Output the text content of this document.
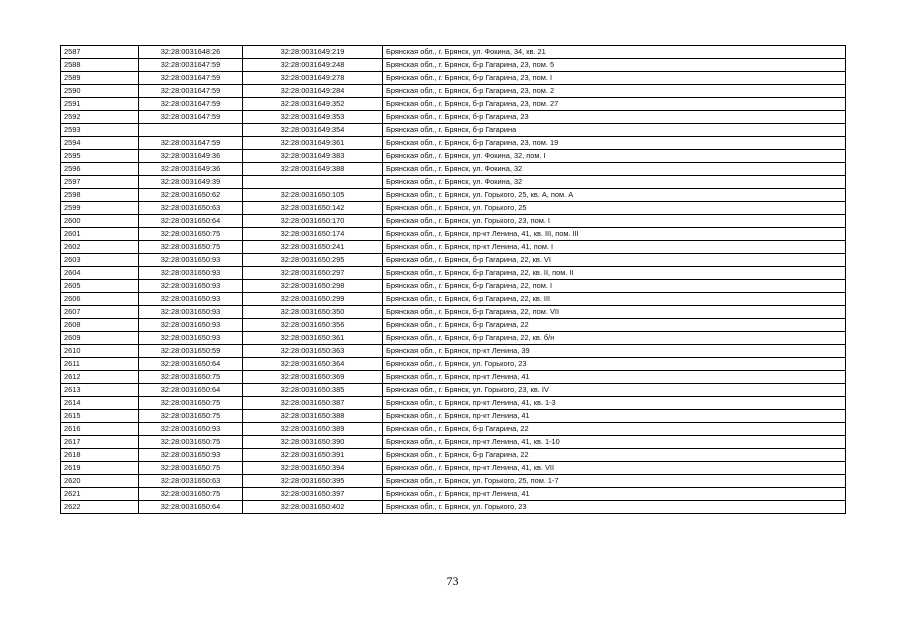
2587	32:28:0031648:26	32:28:0031649:219	Брянская обл., г. Брянск, ул. Фокина, 34, кв. 21
2588	32:28:0031647:59	32:28:0031649:248	Брянская обл., г. Брянск, б-р Гагарина, 23, пом. 5
2589	32:28:0031647:59	32:28:0031649:278	Брянская обл., г. Брянск, б-р Гагарина, 23, пом. I
2590	32:28:0031647:59	32:28:0031649:284	Брянская обл., г. Брянск, б-р Гагарина, 23, пом. 2
2591	32:28:0031647:59	32:28:0031649:352	Брянская обл., г. Брянск, б-р Гагарина, 23, пом. 27
2592	32:28:0031647:59	32:28:0031649:353	Брянская обл., г. Брянск, б-р Гагарина, 23
2593		32:28:0031649:354	Брянская обл., г. Брянск, б-р Гагарина
2594	32:28:0031647:59	32:28:0031649:361	Брянская обл., г. Брянск, б-р Гагарина, 23, пом. 19
2595	32:28:0031649:36	32:28:0031649:383	Брянская обл., г. Брянск, ул. Фокина, 32, пом. I
2596	32:28:0031649:36	32:28:0031649:388	Брянская обл., г. Брянск, ул. Фокина, 32
2597	32:28:0031649:39		Брянская обл., г. Брянск, ул. Фокина, 32
2598	32:28:0031650:62	32:28:0031650:105	Брянская обл., г. Брянск, ул. Горького, 25, кв. А, пом. А
2599	32:28:0031650:63	32:28:0031650:142	Брянская обл., г. Брянск, ул. Горького, 25
2600	32:28:0031650:64	32:28:0031650:170	Брянская обл., г. Брянск, ул. Горького, 23, пом. I
2601	32:28:0031650:75	32:28:0031650:174	Брянская обл., г. Брянск, пр-кт Ленина, 41, кв. III, пом. III
2602	32:28:0031650:75	32:28:0031650:241	Брянская обл., г. Брянск, пр-кт Ленина, 41, пом. I
2603	32:28:0031650:93	32:28:0031650:295	Брянская обл., г. Брянск, б-р Гагарина, 22, кв. VI
2604	32:28:0031650:93	32:28:0031650:297	Брянская обл., г. Брянск, б-р Гагарина, 22, кв. II, пом. II
2605	32:28:0031650:93	32:28:0031650:298	Брянская обл., г. Брянск, б-р Гагарина, 22, пом. I
2606	32:28:0031650:93	32:28:0031650:299	Брянская обл., г. Брянск, б-р Гагарина, 22, кв. III
2607	32:28:0031650:93	32:28:0031650:350	Брянская обл., г. Брянск, б-р Гагарина, 22, пом. VII
2608	32:28:0031650:93	32:28:0031650:356	Брянская обл., г. Брянск, б-р Гагарина, 22
2609	32:28:0031650:93	32:28:0031650:361	Брянская обл., г. Брянск, б-р Гагарина, 22, кв. б/н
2610	32:28:0031650:59	32:28:0031650:363	Брянская обл., г. Брянск, пр-кт Ленина, 39
2611	32:28:0031650:64	32:28:0031650:364	Брянская обл., г. Брянск, ул. Горького, 23
2612	32:28:0031650:75	32:28:0031650:369	Брянская обл., г. Брянск, пр-кт Ленина, 41
2613	32:28:0031650:64	32:28:0031650:385	Брянская обл., г. Брянск, ул. Горького, 23, кв. IV
2614	32:28:0031650:75	32:28:0031650:387	Брянская обл., г. Брянск, пр-кт Ленина, 41, кв. 1-3
2615	32:28:0031650:75	32:28:0031650:388	Брянская обл., г. Брянск, пр-кт Ленина, 41
2616	32:28:0031650:93	32:28:0031650:389	Брянская обл., г. Брянск, б-р Гагарина, 22
2617	32:28:0031650:75	32:28:0031650:390	Брянская обл., г. Брянск, пр-кт Ленина, 41, кв. 1-10
2618	32:28:0031650:93	32:28:0031650:391	Брянская обл., г. Брянск, б-р Гагарина, 22
2619	32:28:0031650:75	32:28:0031650:394	Брянская обл., г. Брянск, пр-кт Ленина, 41, кв. VII
2620	32:28:0031650:63	32:28:0031650:395	Брянская обл., г. Брянск, ул. Горького, 25, пом. 1-7
2621	32:28:0031650:75	32:28:0031650:397	Брянская обл., г. Брянск, пр-кт Ленина, 41
2622	32:28:0031650:64	32:28:0031650:402	Брянская обл., г. Брянск, ул. Горького, 23
73
